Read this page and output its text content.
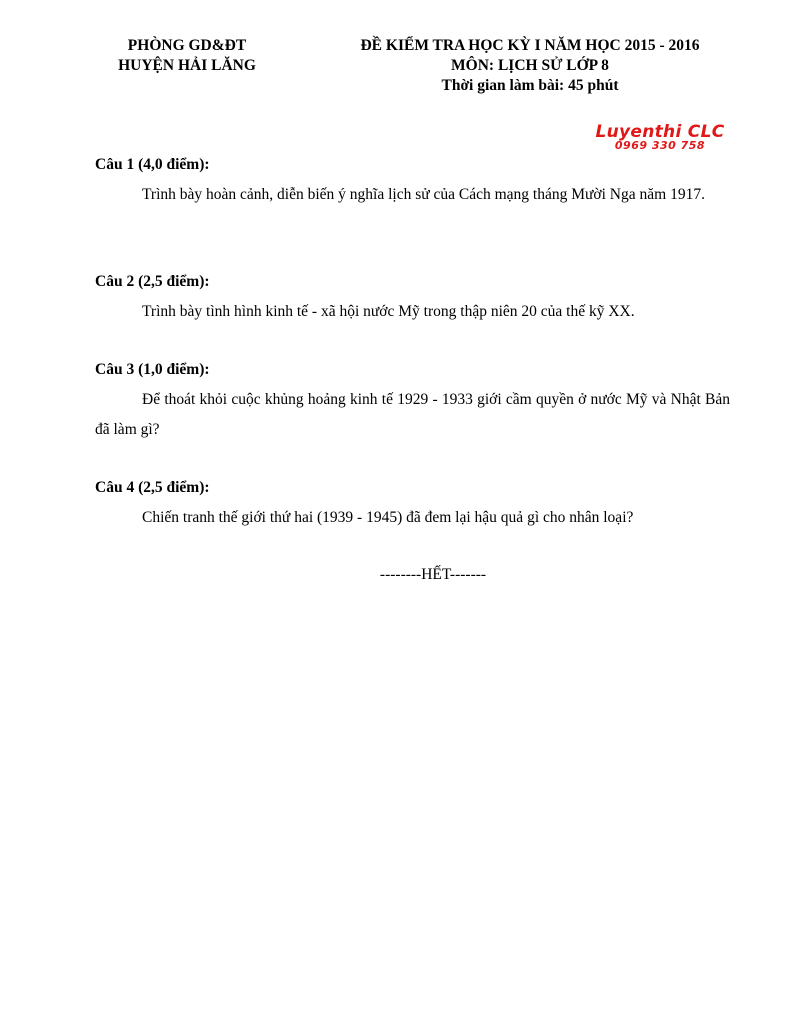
PHÒNG GD&ĐT
HUYỆN HẢI LĂNG
ĐỀ KIỂM TRA HỌC KỲ I NĂM HỌC 2015 - 2016
MÔN: LỊCH SỬ LỚP 8
Thời gian làm bài: 45 phút
Luyenthi CLC
0969 330 758
Câu 1 (4,0 điểm):
Trình bày hoàn cảnh, diễn biến ý nghĩa lịch sử của Cách mạng tháng Mười Nga năm 1917.
Câu 2 (2,5 điểm):
Trình bày tình hình kinh tế - xã hội nước Mỹ trong thập niên 20 của thế kỹ XX.
Câu 3 (1,0 điểm):
Để thoát khỏi cuộc khủng hoảng kinh tế 1929 - 1933 giới cầm quyền ở nước Mỹ và Nhật Bản đã làm gì?
Câu 4 (2,5 điểm):
Chiến tranh thế giới thứ hai (1939 - 1945) đã đem lại hậu quả gì cho nhân loại?
--------HẾT-------
